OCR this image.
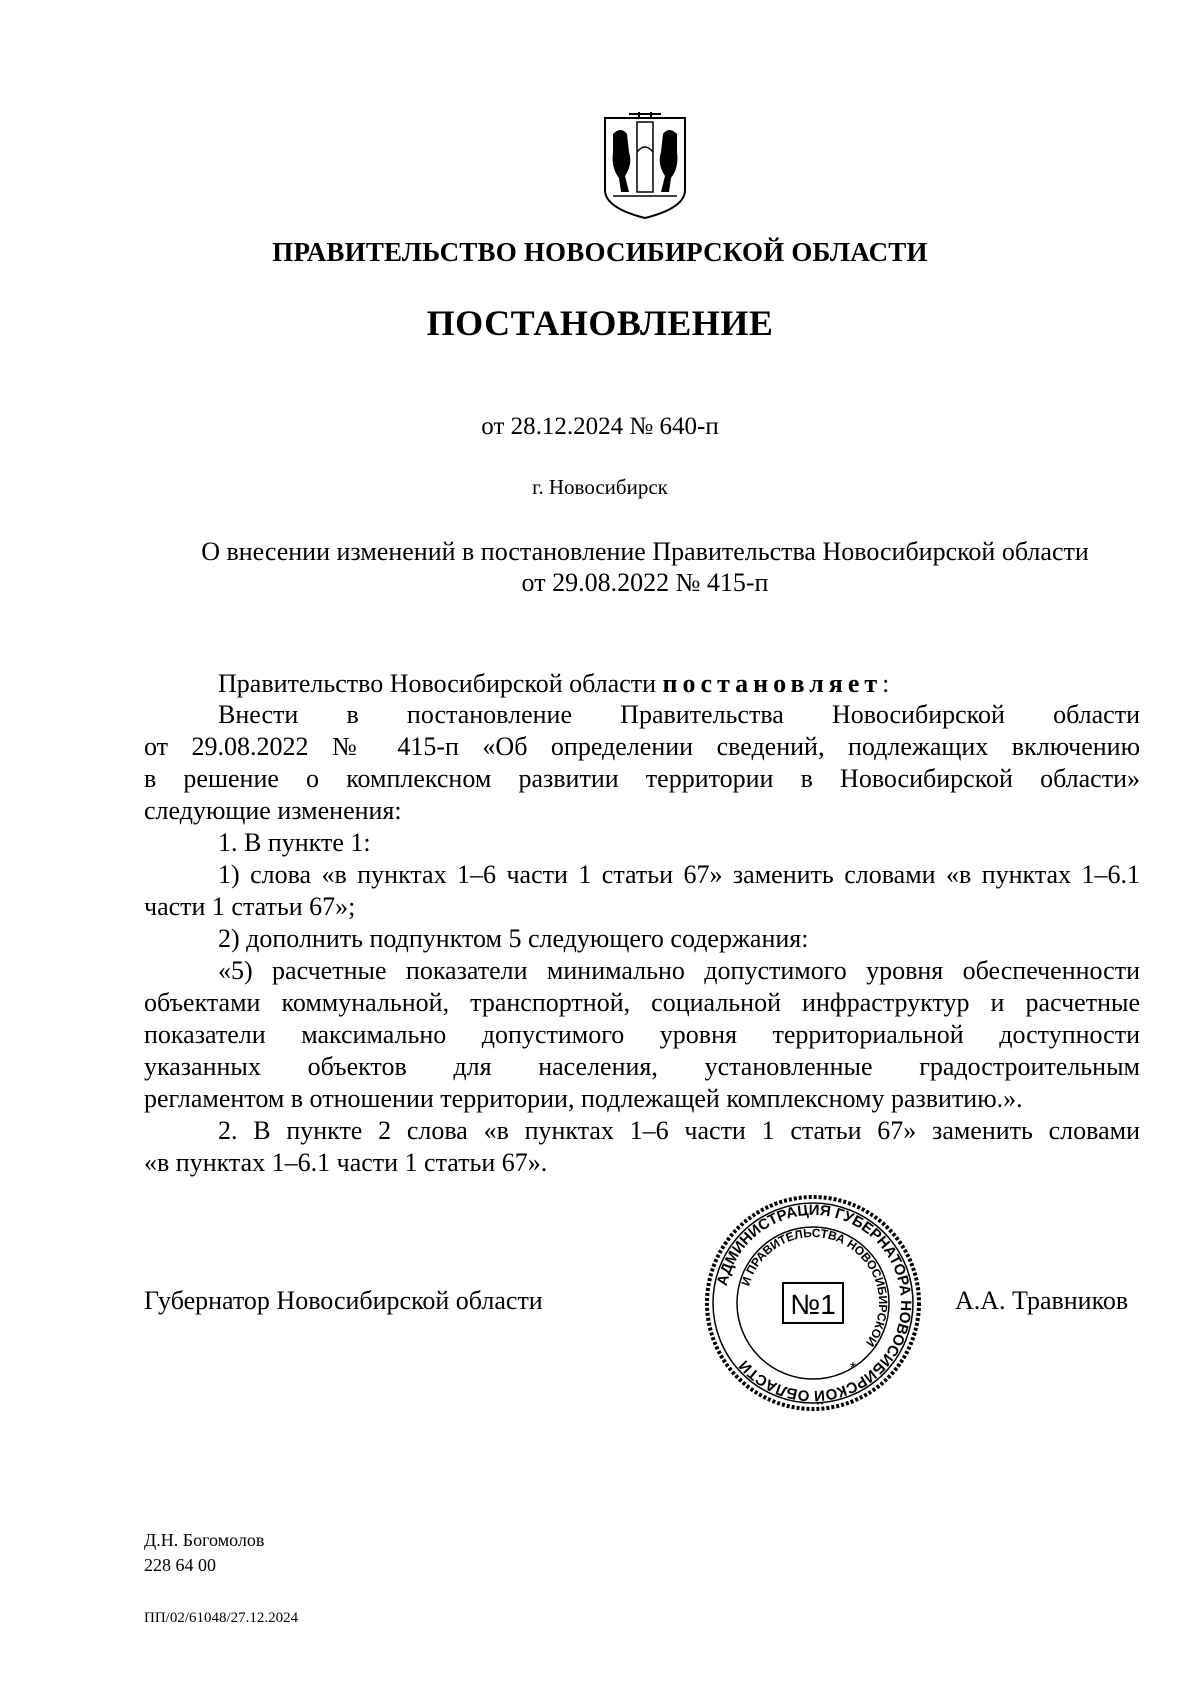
ПРАВИТЕЛЬСТВО НОВОСИБИРСКОЙ ОБЛАСТИ
ПОСТАНОВЛЕНИЕ
от 28.12.2024 № 640-п
г. Новосибирск
О внесении изменений в постановление Правительства Новосибирской области
от 29.08.2022 № 415-п
Правительство Новосибирской области постановляет:
Внести в постановление Правительства Новосибирской области
от 29.08.2022 № 415-п «Об определении сведений, подлежащих включению
в решение о комплексном развитии территории в Новосибирской области»
следующие изменения:
1. В пункте 1:
1) слова «в пунктах 1–6 части 1 статьи 67» заменить словами «в пунктах 1–6.1
части 1 статьи 67»;
2) дополнить подпунктом 5 следующего содержания:
«5) расчетные показатели минимально допустимого уровня обеспеченности
объектами коммунальной, транспортной, социальной инфраструктур и расчетные
показатели максимально допустимого уровня территориальной доступности
указанных объектов для населения, установленные градостроительным
регламентом в отношении территории, подлежащей комплексному развитию.».
2. В пункте 2 слова «в пунктах 1–6 части 1 статьи 67» заменить словами
«в пунктах 1–6.1 части 1 статьи 67».
Губернатор Новосибирской области
АДМИНИСТРАЦИЯ ГУБЕРНАТОРА НОВОСИБИРСКОЙ ОБЛАСТИ
И ПРАВИТЕЛЬСТВА НОВОСИБИРСКОЙ
№1
*
А.А. Травников
Д.Н. Богомолов
228 64 00
ПП/02/61048/27.12.2024
